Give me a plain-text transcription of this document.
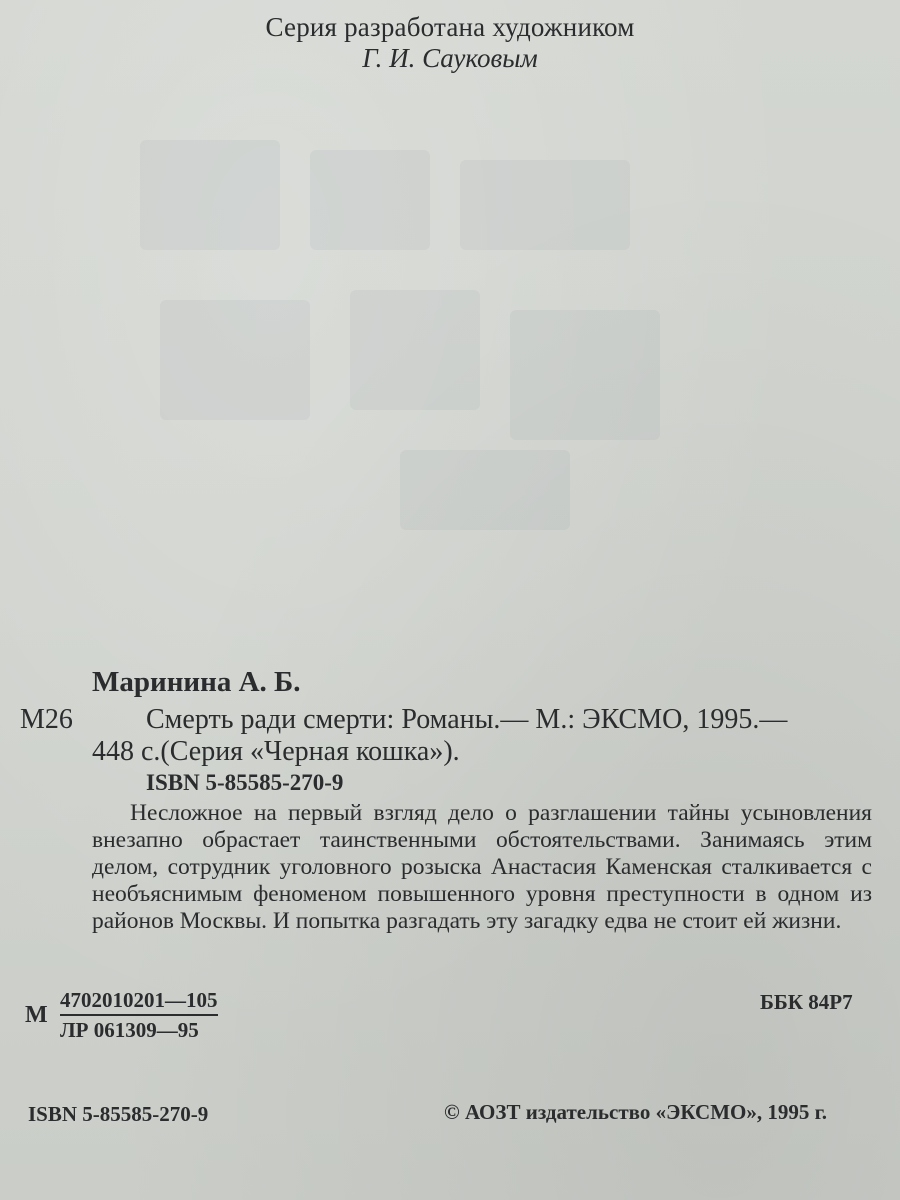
Серия разработана художником
Г. И. Сауковым
Маринина А. Б.
М26	Смерть ради смерти: Романы.— М.: ЭКСМО, 1995.—
448 с.(Серия «Черная кошка»).
ISBN 5-85585-270-9

Несложное на первый взгляд дело о разглашении тайны усыновления внезапно обрастает таинственными обстоятельствами. Занимаясь этим делом, сотрудник уголовного розыска Анастасия Каменская сталкивается с необъяснимым феноменом повышенного уровня преступности в одном из районов Москвы. И попытка разгадать эту загадку едва не стоит ей жизни.

М
4702010201—105
ЛР 061309—95
ББК 84Р7
ISBN 5-85585-270-9	© АОЗТ издательство «ЭКСМО», 1995 г.
